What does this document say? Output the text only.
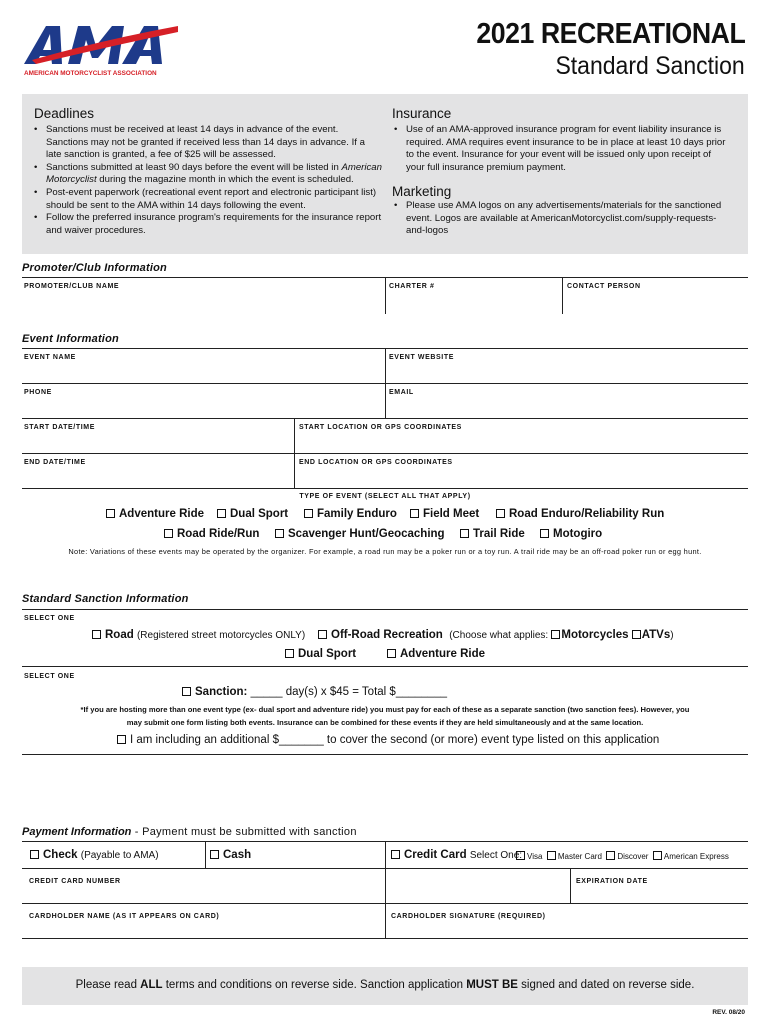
AMERICAN MOTORCYCLIST ASSOCIATION
2021 RECREATIONAL
Standard Sanction
Deadlines
• Sanctions must be received at least 14 days in advance of the event. Sanctions may not be granted if received less than 14 days in advance. If a late sanction is granted, a fee of $25 will be assessed.
• Sanctions submitted at least 90 days before the event will be listed in American Motorcyclist during the magazine month in which the event is scheduled.
• Post-event paperwork (recreational event report and electronic participant list) should be sent to the AMA within 14 days following the event.
• Follow the preferred insurance program's requirements for the insurance report and waiver procedures.
Insurance
• Use of an AMA-approved insurance program for event liability insurance is required. AMA requires event insurance to be in place at least 10 days prior to the event. Insurance for your event will be issued only upon receipt of your full insurance premium payment.
Marketing
• Please use AMA logos on any advertisements/materials for the sanctioned event. Logos are available at AmericanMotorcyclist.com/supply-requests-and-logos
Promoter/Club Information
PROMOTER/CLUB NAME	CHARTER #	CONTACT PERSON
Event Information
EVENT NAME	EVENT WEBSITE
PHONE	EMAIL
START DATE/TIME	START LOCATION OR GPS COORDINATES
END DATE/TIME	END LOCATION OR GPS COORDINATES
TYPE OF EVENT (SELECT ALL THAT APPLY)
Adventure Ride	Dual Sport	Family Enduro	Field Meet	Road Enduro/Reliability Run
Road Ride/Run	Scavenger Hunt/Geocaching	Trail Ride	Motogiro
Note: Variations of these events may be operated by the organizer. For example, a road run may be a poker run or a toy run. A trail ride may be an off-road poker run or egg hunt.
Standard Sanction Information
SELECT ONE
Road (Registered street motorcycles ONLY)	Off-Road Recreation (Choose what applies: Motorcycles ATVs)
Dual Sport	Adventure Ride
SELECT ONE
Sanction: _____ day(s) x $45 = Total $________
*If you are hosting more than one event type (ex- dual sport and adventure ride) you must pay for each of these as a separate sanction (two sanction fees). However, you
may submit one form listing both events. Insurance can be combined for these events if they are held simultaneously and at the same location.
I am including an additional $_______ to cover the second (or more) event type listed on this application
Payment Information - Payment must be submitted with sanction
Check (Payable to AMA)	Cash	Credit Card Select One: Visa Master Card Discover American Express
CREDIT CARD NUMBER	EXPIRATION DATE
CARDHOLDER NAME (AS IT APPEARS ON CARD)	CARDHOLDER SIGNATURE (REQUIRED)
Please read ALL terms and conditions on reverse side. Sanction application MUST BE signed and dated on reverse side.
REV. 08/20
